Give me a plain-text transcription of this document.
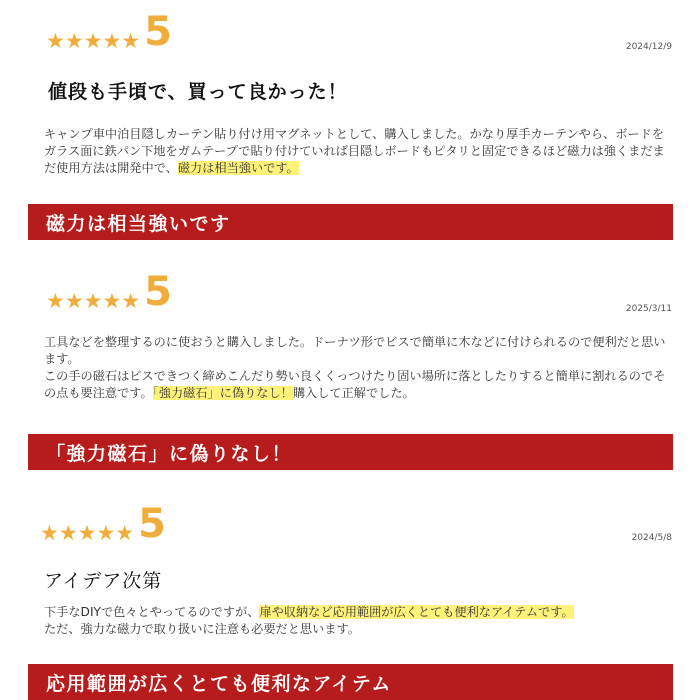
★★★★★ 5	2024/12/9
値段も手頃で、買って良かった！
キャンプ車中泊目隠しカーテン貼り付け用マグネットとして、購入しました。かなり厚手カーテンやら、ボードをガラス面に鉄パン下地をガムテープで貼り付けていれば目隠しボードもピタリと固定できるほど磁力は強くまだまだ使用方法は開発中で、磁力は相当強いです。
磁力は相当強いです
★★★★★ 5	2025/3/11
工具などを整理するのに使おうと購入しました。ドーナツ形でビスで簡単に木などに付けられるので便利だと思います。
この手の磁石はビスできつく締めこんだり勢い良くくっつけたり固い場所に落としたりすると簡単に割れるのでその点も要注意です。「強力磁石」に偽りなし！購入して正解でした。
「強力磁石」に偽りなし！
★★★★★ 5	2024/5/8
アイデア次第
下手なDIYで色々とやってるのですが、扉や収納など応用範囲が広くとても便利なアイテムです。
ただ、強力な磁力で取り扱いに注意も必要だと思います。
応用範囲が広くとても便利なアイテム
